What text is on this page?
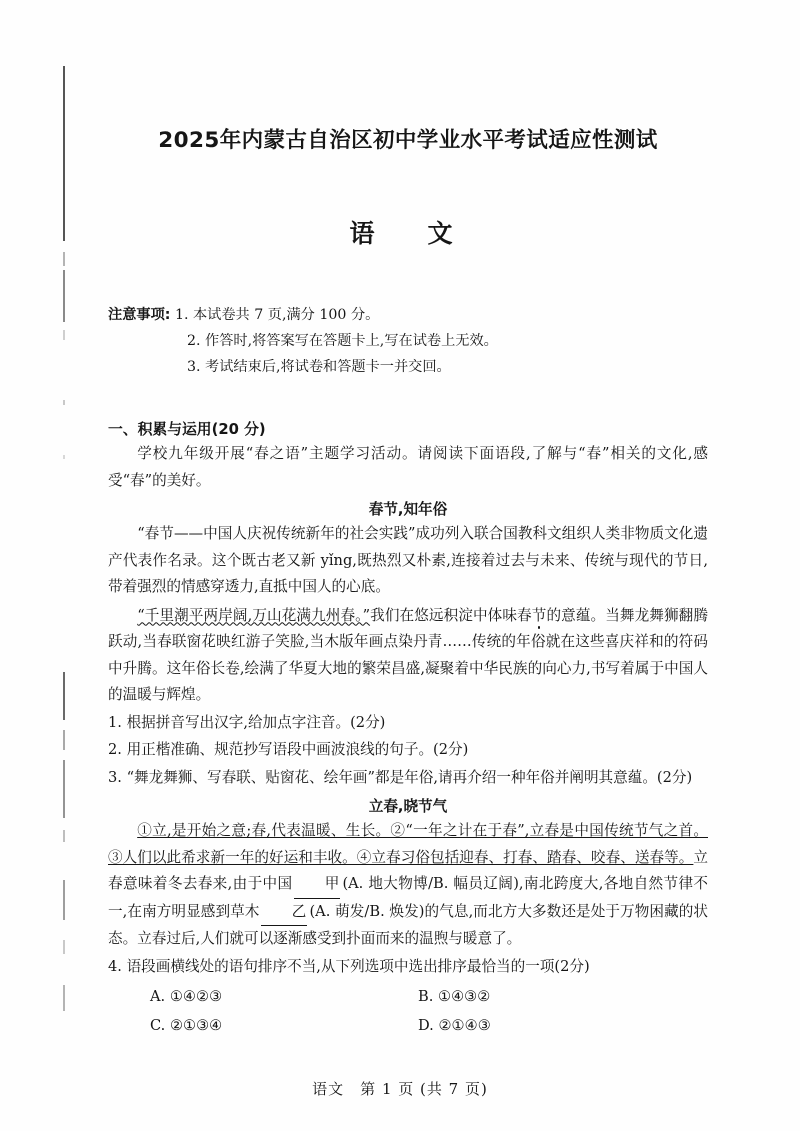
2025年内蒙古自治区初中学业水平考试适应性测试
语　文
注意事项: 1. 本试卷共 7 页,满分 100 分。
2. 作答时,将答案写在答题卡上,写在试卷上无效。
3. 考试结束后,将试卷和答题卡一并交回。
一、积累与运用(20 分)
学校九年级开展“春之语”主题学习活动。请阅读下面语段,了解与“春”相关的文化,感受“春”的美好。
春节,知年俗
“春节——中国人庆祝传统新年的社会实践”成功列入联合国教科文组织人类非物质文化遗产代表作名录。这个既古老又新 yǐng,既热烈又朴素,连接着过去与未来、传统与现代的节日,带着强烈的情感穿透力,直抵中国人的心底。
“千里潮平两岸阔,万山花满九州春。”我们在悠远积淀中体味春节的意蕴。当舞龙舞狮翻腾跃动,当春联窗花映红游子笑脸,当木版年画点染丹青……传统的年俗就在这些喜庆祥和的符码中升腾。这年俗长卷,绘满了华夏大地的繁荣昌盛,凝聚着中华民族的向心力,书写着属于中国人的温暖与辉煌。
1. 根据拼音写出汉字,给加点字注音。(2分)
2. 用正楷准确、规范抄写语段中画波浪线的句子。(2分)
3. “舞龙舞狮、写春联、贴窗花、绘年画”都是年俗,请再介绍一种年俗并阐明其意蕴。(2分)
立春,晓节气
①立,是开始之意;春,代表温暖、生长。②“一年之计在于春”,立春是中国传统节气之首。③人们以此希求新一年的好运和丰收。④立春习俗包括迎春、打春、踏春、咬春、送春等。立春意味着冬去春来,由于中国 甲 (A. 地大物博/B. 幅员辽阔),南北跨度大,各地自然节律不一,在南方明显感到草木 乙 (A. 萌发/B. 焕发)的气息,而北方大多数还是处于万物困藏的状态。立春过后,人们就可以逐渐感受到扑面而来的温煦与暖意了。
4. 语段画横线处的语句排序不当,从下列选项中选出排序最恰当的一项(2分)
A. ①④②③	B. ①④③②
C. ②①③④	D. ②①④③
语文　第 1 页 (共 7 页)
